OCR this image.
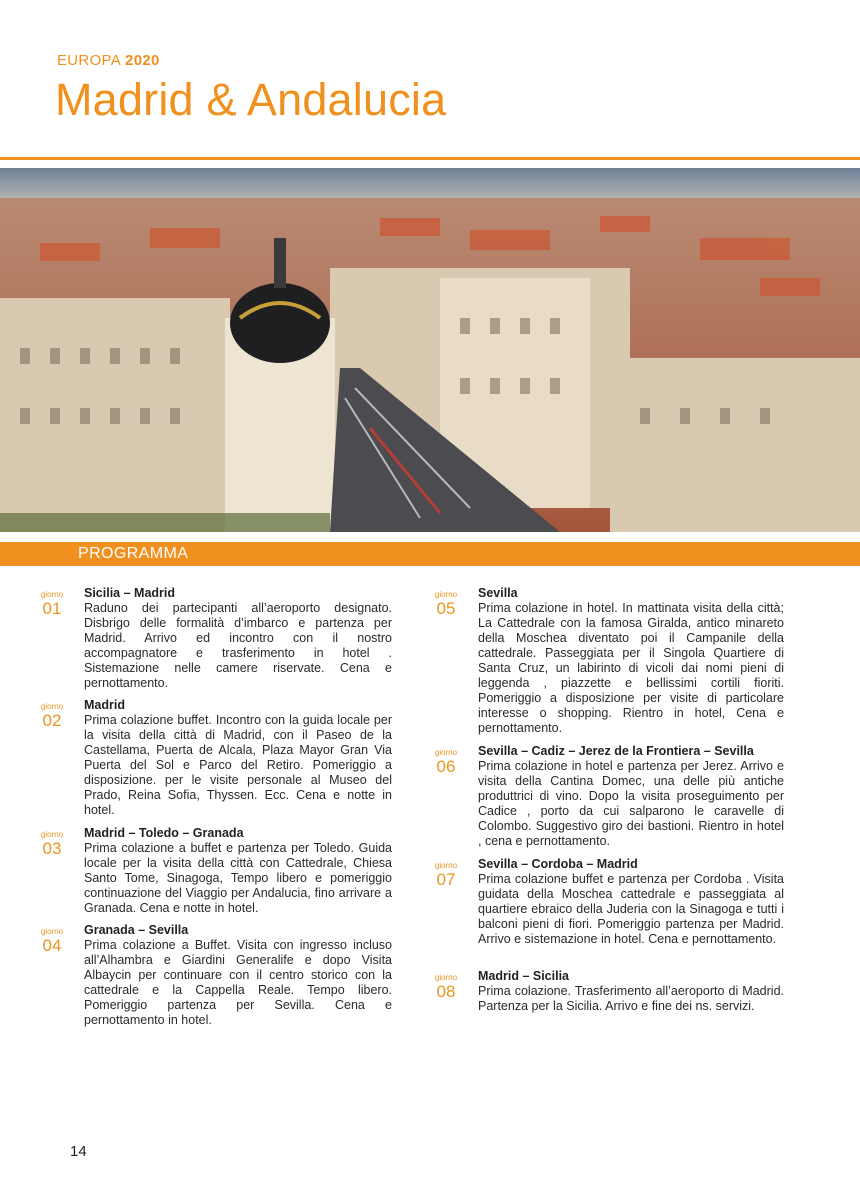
EUROPA 2020
Madrid & Andalucia
PROGRAMMA
giorno
01
Sicilia – Madrid

Raduno dei partecipanti all’aeroporto designato. Disbrigo delle formalità d’imbarco e partenza per Madrid. Arrivo ed incontro con il nostro accompagnatore e trasferimento in hotel . Sistemazione nelle camere riservate. Cena e pernottamento.

giorno
02
Madrid

Prima colazione buffet. Incontro con la guida locale per la visita della città di Madrid, con il Paseo de la Castellama, Puerta de Alcala, Plaza Mayor Gran Via Puerta del Sol e Parco del Retiro. Pomeriggio a disposizione. per le visite personale al Museo del Prado, Reina Sofia, Thyssen. Ecc. Cena e notte in hotel.

giorno
03
Madrid – Toledo – Granada

Prima colazione a buffet e partenza per Toledo. Guida locale per la visita della città con Cattedrale, Chiesa Santo Tome, Sinagoga, Tempo libero e pomeriggio continuazione del Viaggio per Andalucia, fino arrivare a Granada. Cena e notte in hotel.

giorno
04
Granada – Sevilla

Prima colazione a Buffet. Visita con ingresso incluso all’Alhambra e Giardini Generalife e dopo Visita Albaycin per continuare con il centro storico con la cattedrale e la Cappella Reale. Tempo libero. Pomeriggio partenza per Sevilla. Cena e pernottamento in hotel.

giorno
05
Sevilla

Prima colazione in hotel. In mattinata visita della città; La Cattedrale con la famosa Giralda, antico minareto della Moschea diventato poi il Campanile della cattedrale. Passeggiata per il Singola Quartiere di Santa Cruz, un labirinto di vicoli dai nomi pieni di leggenda , piazzette e bellissimi cortili fioriti. Pomeriggio a disposizione per visite di particolare interesse o shopping. Rientro in hotel, Cena e pernottamento.

giorno
06
Sevilla – Cadiz – Jerez de la Frontiera – Sevilla

Prima colazione in hotel e partenza per Jerez. Arrivo e visita della Cantina Domec, una delle più antiche produttrici di vino. Dopo la visita proseguimento per Cadice , porto da cui salparono le caravelle di Colombo. Suggestivo giro dei bastioni. Rientro in hotel , cena e pernottamento.

giorno
07
Sevilla – Cordoba – Madrid

Prima colazione buffet e partenza per Cordoba . Visita guidata della Moschea cattedrale e passeggiata al quartiere ebraico della Juderia con la Sinagoga e tutti i balconi pieni di fiori. Pomeriggio partenza per Madrid. Arrivo e sistemazione in hotel. Cena e pernottamento.

giorno
08
Madrid – Sicilia

Prima colazione. Trasferimento all’aeroporto di Madrid. Partenza per la Sicilia. Arrivo e fine dei ns. servizi.

14
